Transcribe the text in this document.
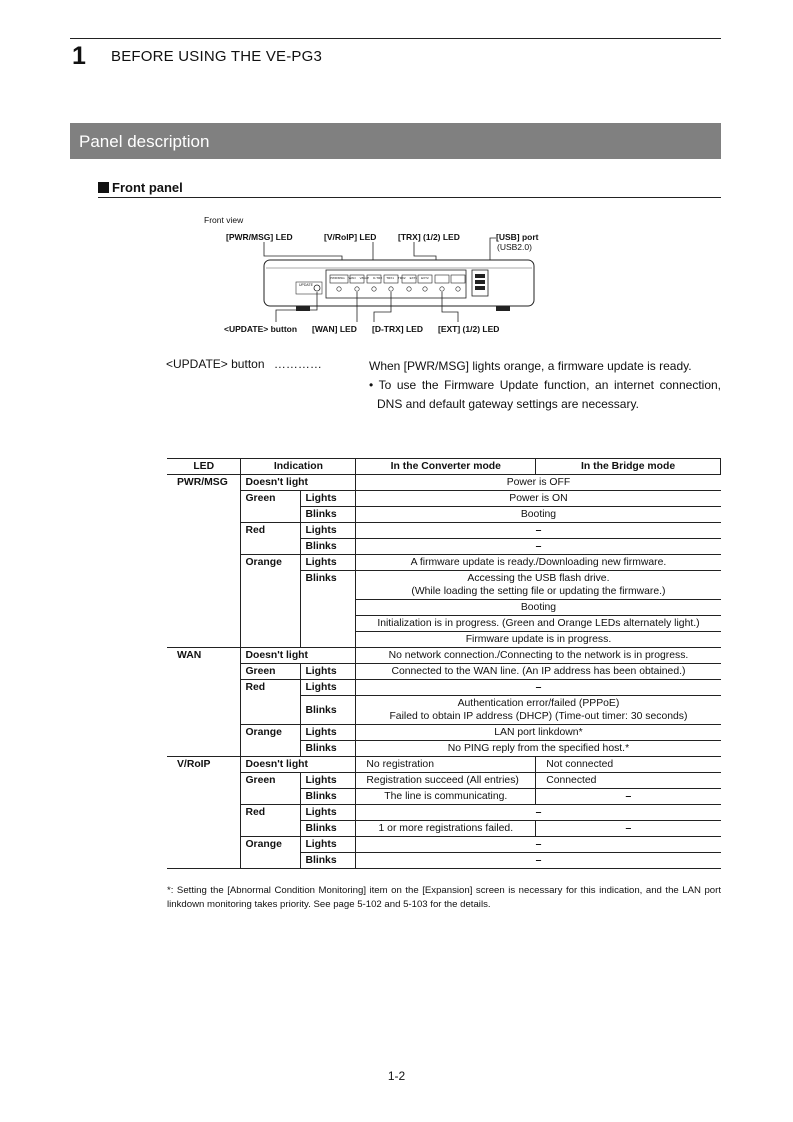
1 BEFORE USING THE VE-PG3
Panel description
Front panel
Front view
[PWR/MSG] LED	[V/RoIP] LED	[TRX] (1/2) LED	[USB] port
(USB2.0)
<UPDATE> button [WAN] LED [D-TRX] LED [EXT] (1/2) LED
UPDATE
PWR/MSG WAN V/RoIP D-TRX TRX1 TRX2 EXT1 EXT2
<UPDATE> button …………	When [PWR/MSG] lights orange, a firmware update is ready.
• To use the Firmware Update function, an internet connection,
DNS and default gateway settings are necessary.
LED	Indication		In the Converter mode	In the Bridge mode
PWR/MSG	Doesn't light		Power is OFF	
	Green	Lights	Power is ON	
		Blinks	Booting	
	Red	Lights	–	
		Blinks	–	
	Orange	Lights	A firmware update is ready./Downloading new firmware.	
		Blinks	Accessing the USB flash drive.
(While loading the setting file or updating the firmware.)	

			Booting	
			Initialization is in progress. (Green and Orange LEDs alternately light.)	
			Firmware update is in progress.	
WAN	Doesn't light		No network connection./Connecting to the network is in progress.	
	Green	Lights	Connected to the WAN line. (An IP address has been obtained.)	
	Red	Lights	–	
		Blinks	Authentication error/failed (PPPoE)
Failed to obtain IP address (DHCP) (Time-out timer: 30 seconds)	

	Orange	Lights	LAN port linkdown*	
		Blinks	No PING reply from the specified host.*	
V/RoIP	Doesn't light		No registration	Not connected
	Green	Lights	Registration succeed (All entries)	Connected
		Blinks	The line is communicating.	–
	Red	Lights	–	
		Blinks	1 or more registrations failed.	–
	Orange	Lights	–	
		Blinks	–	
*: Setting the [Abnormal Condition Monitoring] item on the [Expansion] screen is necessary for this indication, and the LAN port linkdown monitoring takes priority. See page 5-102 and 5-103 for the details.
1-2
